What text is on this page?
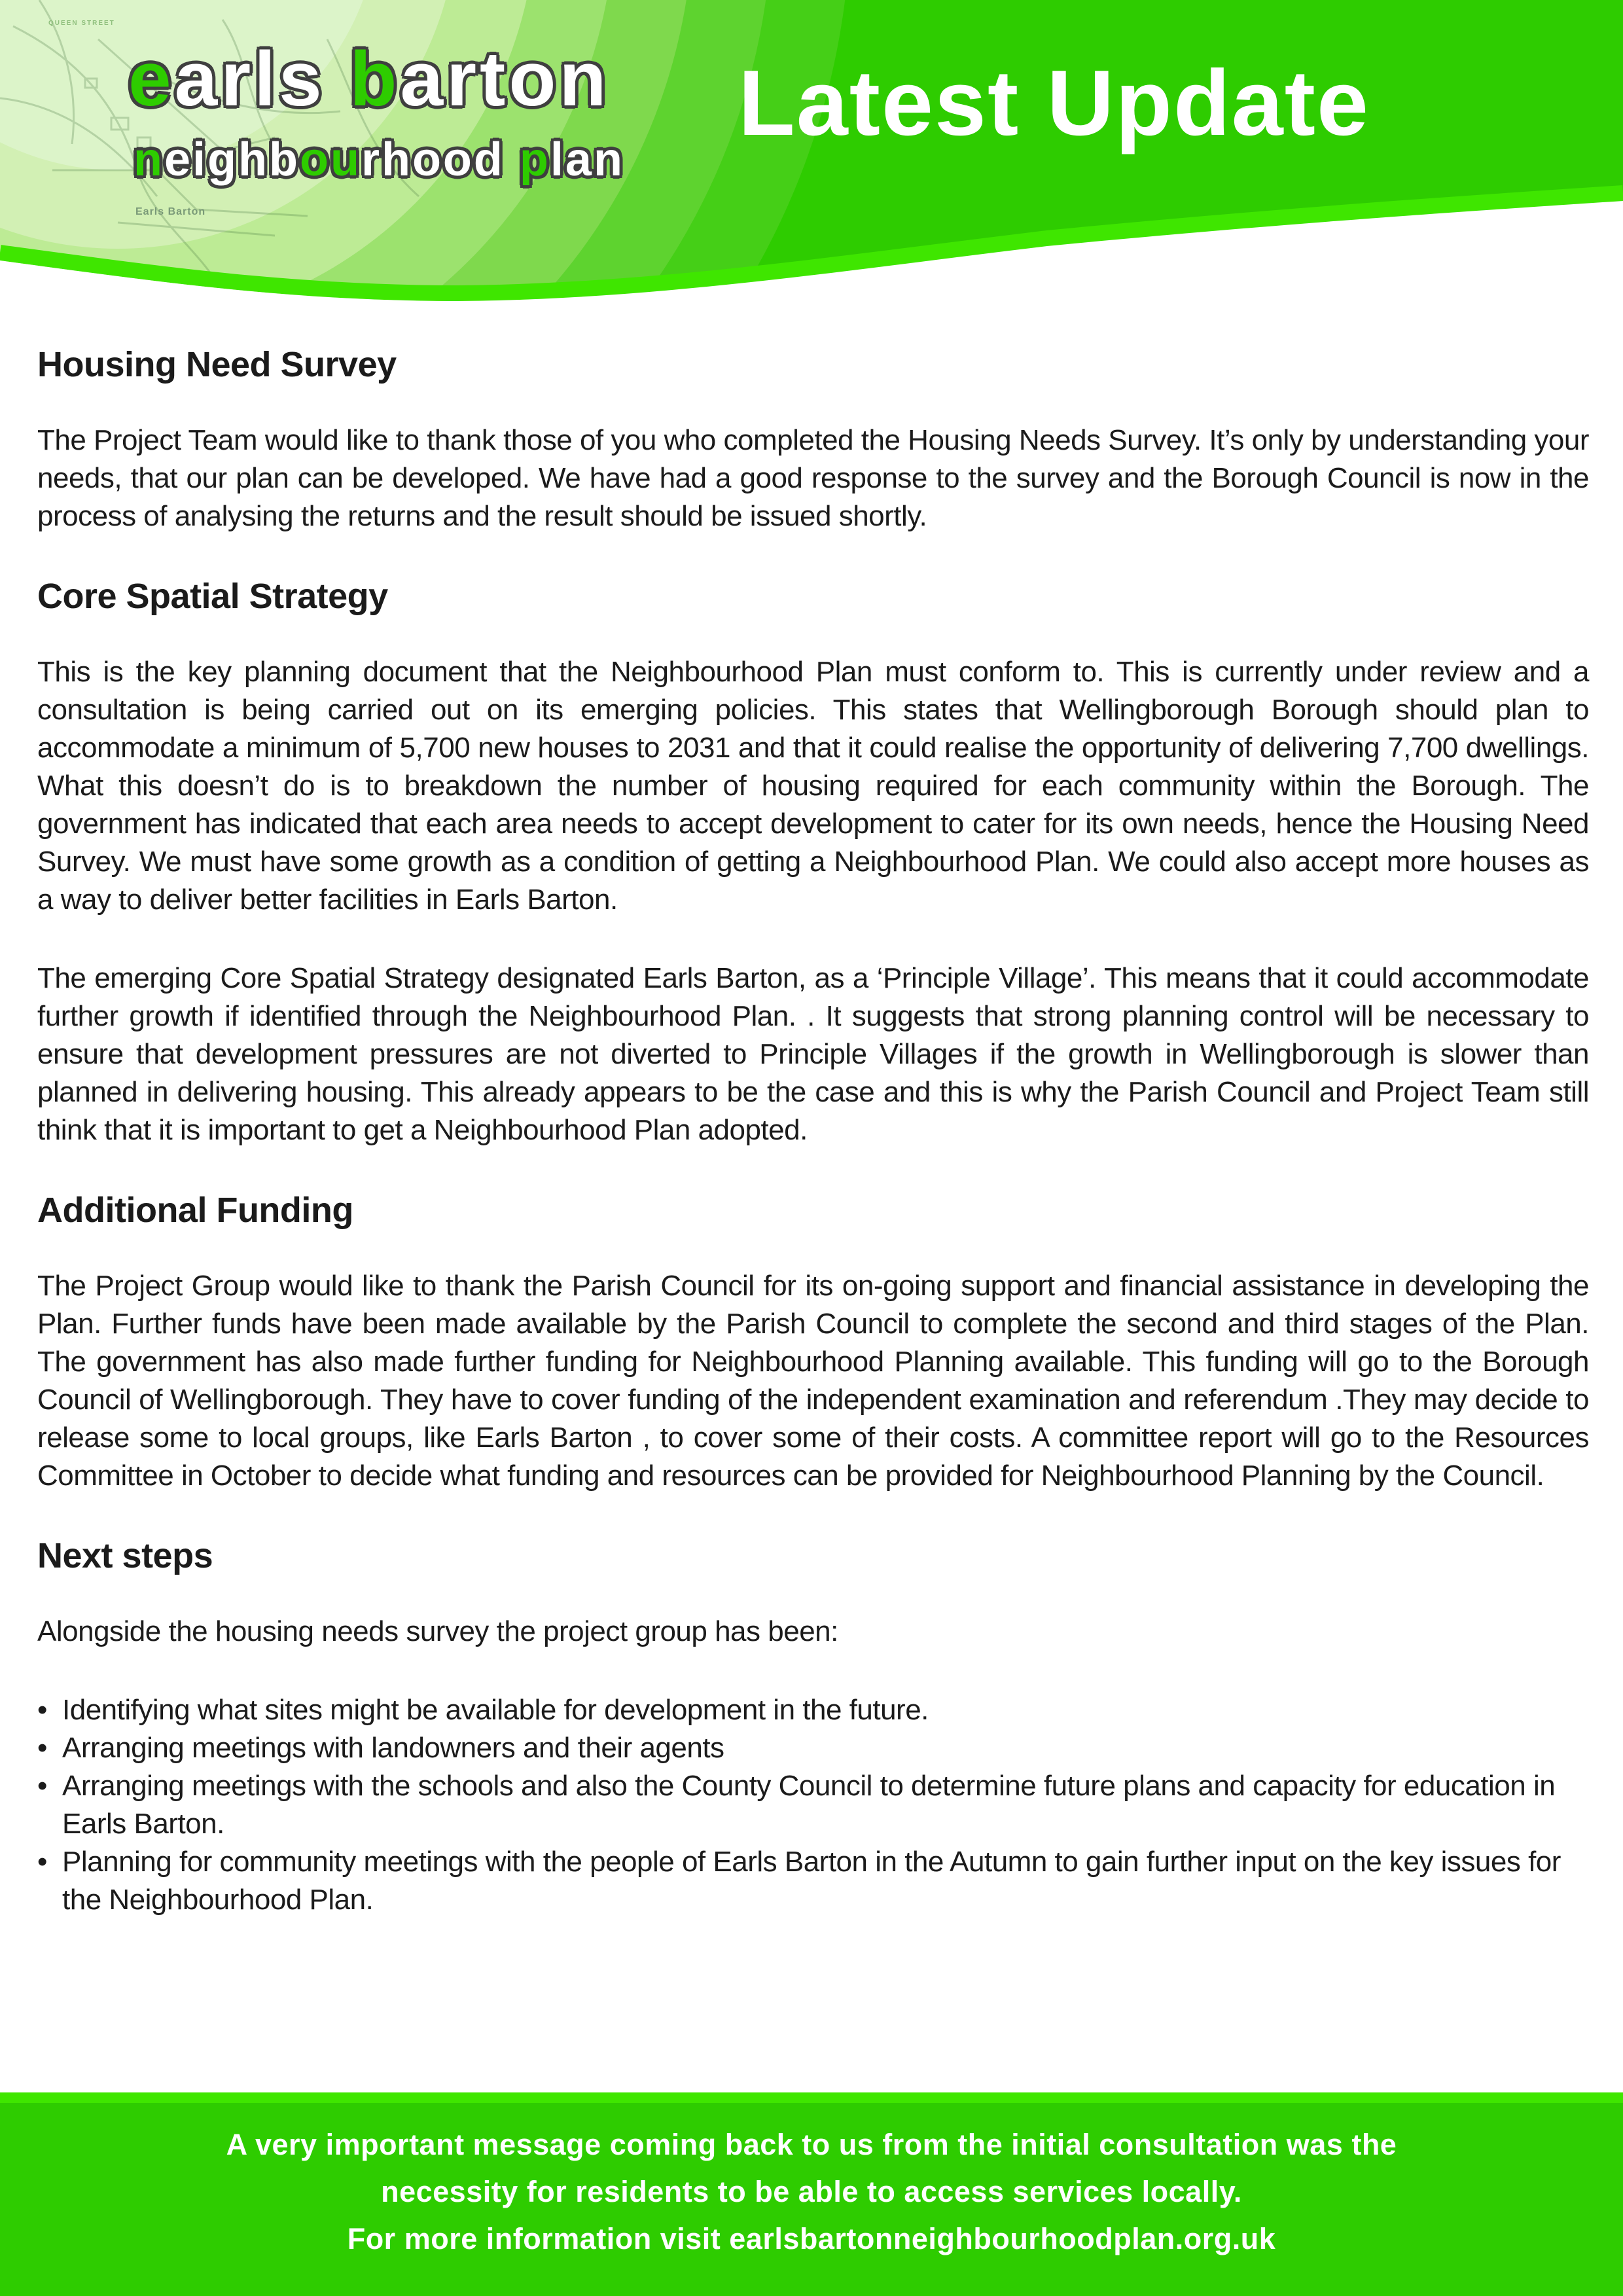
QUEEN STREET
Earls Barton
earls barton
neighbourhood plan
Latest Update
Housing Need Survey

The Project Team would like to thank those of you who completed the Housing Needs Survey. It’s only by understanding your needs, that our plan can be developed. We have had a good response to the survey and the Borough Council is now in the process of analysing the returns and the result should be issued shortly.

Core Spatial Strategy

This is the key planning document that the Neighbourhood Plan must conform to. This is currently under review and a consultation is being carried out on its emerging policies. This states that Wellingborough Borough should plan to accommodate a minimum of 5,700 new houses to 2031 and that it could realise the opportunity of delivering 7,700 dwellings. What this doesn’t do is to breakdown the number of housing required for each community within the Borough. The government has indicated that each area needs to accept development to cater for its own needs, hence the Housing Need Survey. We must have some growth as a condition of getting a Neighbourhood Plan. We could also accept more houses as a way to deliver better facilities in Earls Barton.

The emerging Core Spatial Strategy designated Earls Barton, as a ‘Principle Village’. This means that it could accommodate further growth if identified through the Neighbourhood Plan. . It suggests that strong planning control will be necessary to ensure that development pressures are not diverted to Principle Villages if the growth in Wellingborough is slower than planned in delivering housing. This already appears to be the case and this is why the Parish Council and Project Team still think that it is important to get a Neighbourhood Plan adopted.

Additional Funding

The Project Group would like to thank the Parish Council for its on-going support and financial assistance in developing the Plan. Further funds have been made available by the Parish Council to complete the second and third stages of the Plan. The government has also made further funding for Neighbourhood Planning available. This funding will go to the Borough Council of Wellingborough. They have to cover funding of the independent examination and referendum .They may decide to release some to local groups, like Earls Barton , to cover some of their costs. A committee report will go to the Resources Committee in October to decide what funding and resources can be provided for Neighbourhood Planning by the Council.

Next steps

Alongside the housing needs survey the project group has been:

• Identifying what sites might be available for development in the future.
• Arranging meetings with landowners and their agents
• Arranging meetings with the schools and also the County Council to determine future plans and capacity for education in Earls Barton.
• Planning for community meetings with the people of Earls Barton in the Autumn to gain further input on the key issues for the Neighbourhood Plan.
A very important message coming back to us from the initial consultation was the
necessity for residents to be able to access services locally.
For more information visit earlsbartonneighbourhoodplan.org.uk
